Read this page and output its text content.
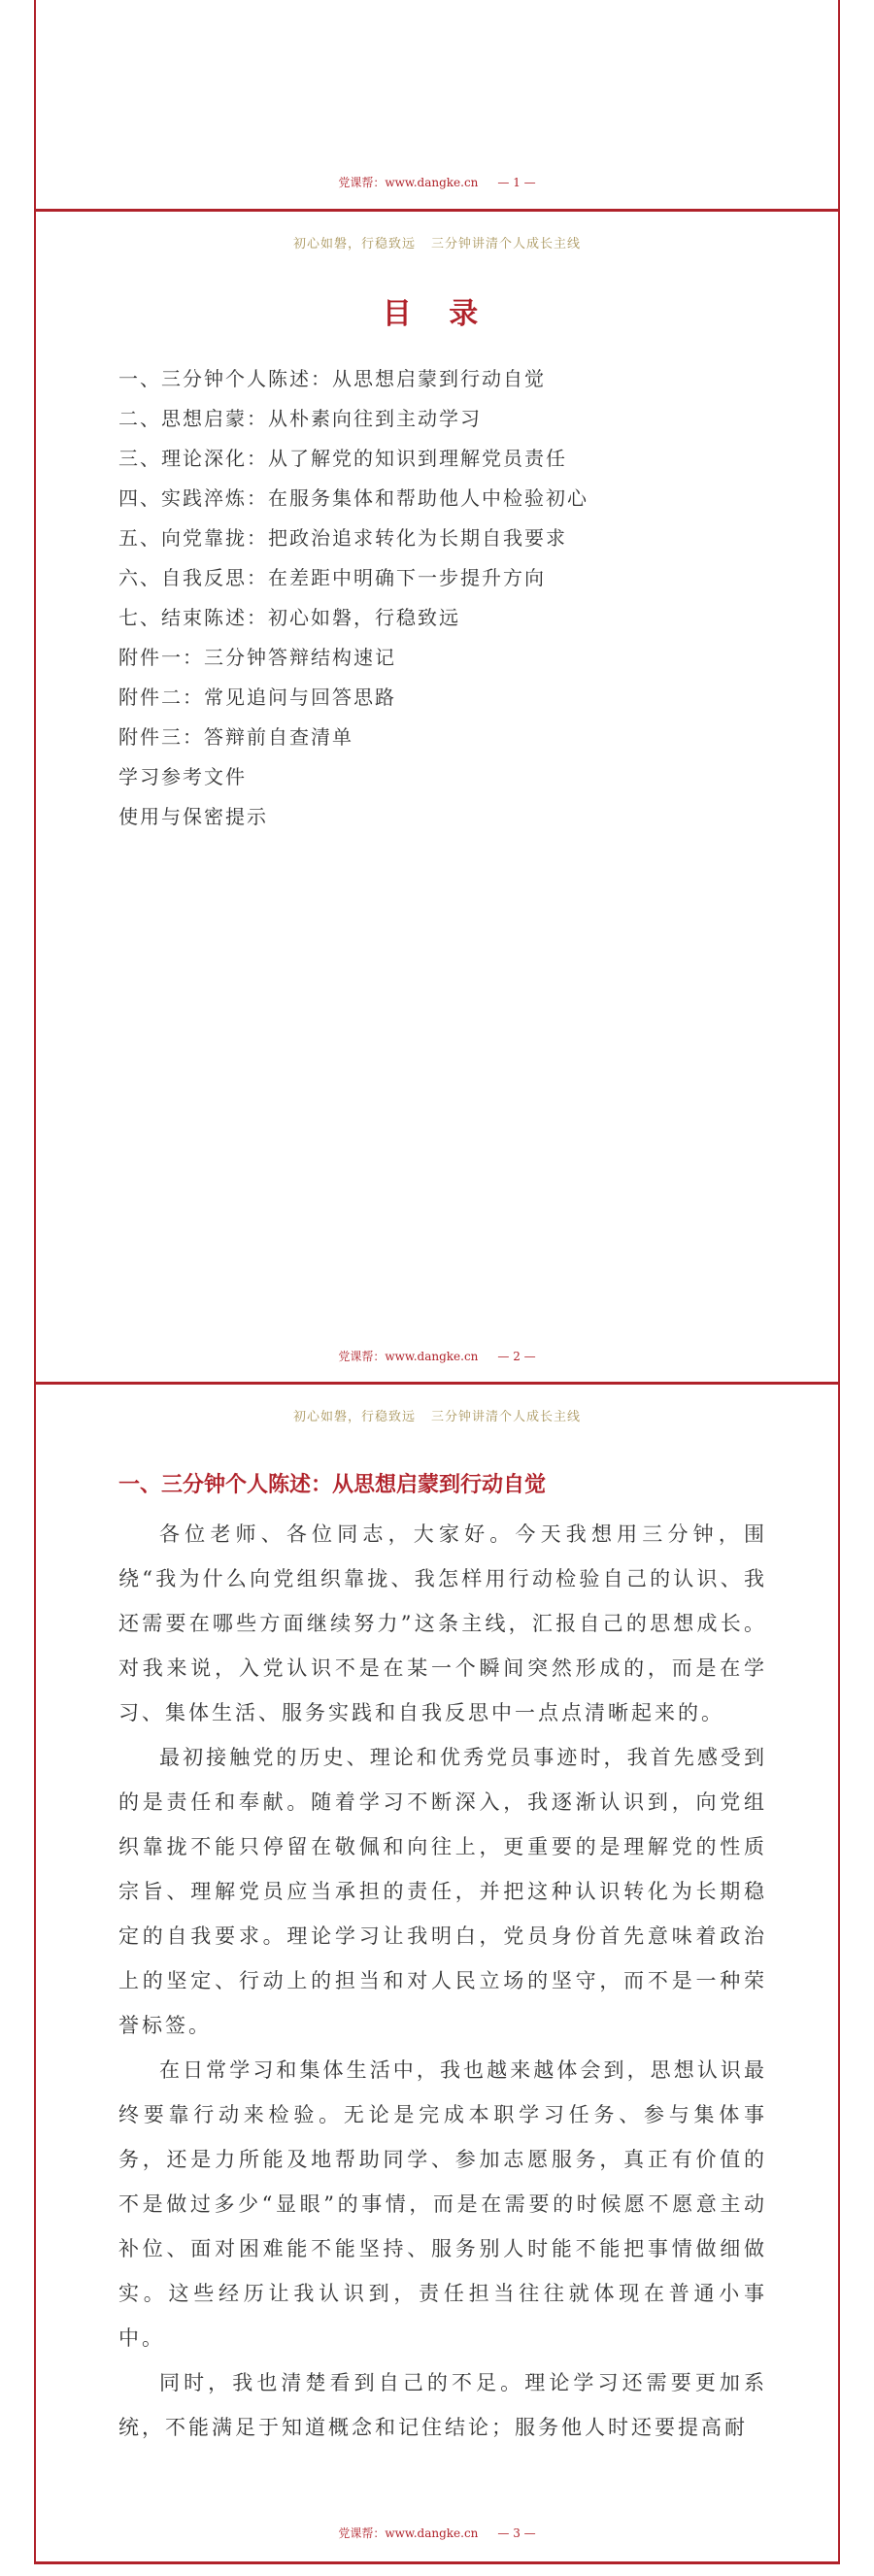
党课帮：www.dangke.cn — 1 —
初心如磐，行稳致远 三分钟讲清个人成长主线
目 录
一、三分钟个人陈述：从思想启蒙到行动自觉
二、思想启蒙：从朴素向往到主动学习
三、理论深化：从了解党的知识到理解党员责任
四、实践淬炼：在服务集体和帮助他人中检验初心
五、向党靠拢：把政治追求转化为长期自我要求
六、自我反思：在差距中明确下一步提升方向
七、结束陈述：初心如磐，行稳致远
附件一：三分钟答辩结构速记
附件二：常见追问与回答思路
附件三：答辩前自查清单
学习参考文件
使用与保密提示
党课帮：www.dangke.cn — 2 —
初心如磐，行稳致远 三分钟讲清个人成长主线
一、三分钟个人陈述：从思想启蒙到行动自觉

各位老师、各位同志，大家好。今天我想用三分钟，围绕“我为什么向党组织靠拢、我怎样用行动检验自己的认识、我还需要在哪些方面继续努力”这条主线，汇报自己的思想成长。对我来说，入党认识不是在某一个瞬间突然形成的，而是在学习、集体生活、服务实践和自我反思中一点点清晰起来的。

最初接触党的历史、理论和优秀党员事迹时，我首先感受到的是责任和奉献。随着学习不断深入，我逐渐认识到，向党组织靠拢不能只停留在敬佩和向往上，更重要的是理解党的性质宗旨、理解党员应当承担的责任，并把这种认识转化为长期稳定的自我要求。理论学习让我明白，党员身份首先意味着政治上的坚定、行动上的担当和对人民立场的坚守，而不是一种荣誉标签。

在日常学习和集体生活中，我也越来越体会到，思想认识最终要靠行动来检验。无论是完成本职学习任务、参与集体事务，还是力所能及地帮助同学、参加志愿服务，真正有价值的不是做过多少“显眼”的事情，而是在需要的时候愿不愿意主动补位、面对困难能不能坚持、服务别人时能不能把事情做细做实。这些经历让我认识到，责任担当往往就体现在普通小事中。

同时，我也清楚看到自己的不足。理论学习还需要更加系统，不能满足于知道概念和记住结论；服务他人时还要提高耐

党课帮：www.dangke.cn — 3 —
